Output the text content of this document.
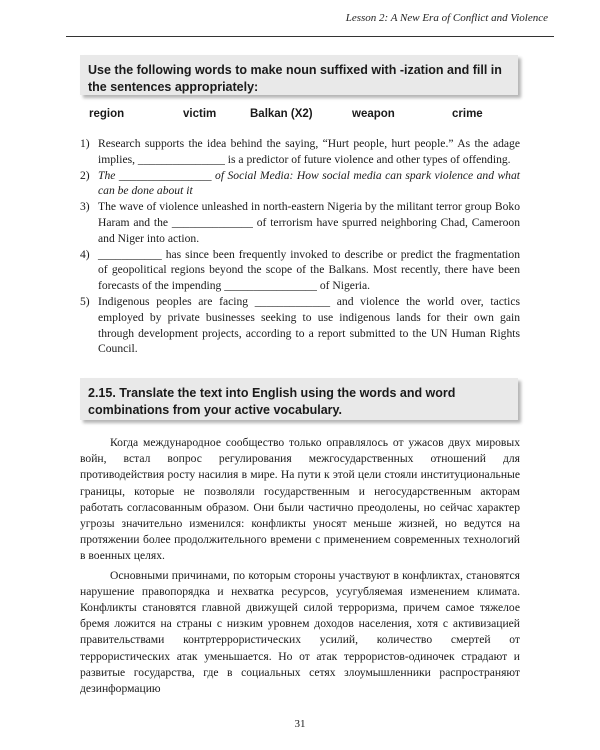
Lesson 2: A New Era of Conflict and Violence
Use the following words to make noun suffixed with -ization and fill in the sentences appropriately:
region	victim	Balkan (X2)	weapon	crime
1) Research supports the idea behind the saying, “Hurt people, hurt people.” As the adage implies, _______________ is a predictor of future violence and other types of offending.
2) The ________________ of Social Media: How social media can spark violence and what can be done about it
3) The wave of violence unleashed in north-eastern Nigeria by the militant terror group Boko Haram and the ______________ of terrorism have spurred neighboring Chad, Cameroon and Niger into action.
4) ___________ has since been frequently invoked to describe or predict the fragmentation of geopolitical regions beyond the scope of the Balkans. Most recently, there have been forecasts of the impending ________________ of Nigeria.
5) Indigenous peoples are facing _____________ and violence the world over, tactics employed by private businesses seeking to use indigenous lands for their own gain through development projects, according to a report submitted to the UN Human Rights Council.
2.15. Translate the text into English using the words and word combinations from your active vocabulary.

Когда международное сообщество только оправлялось от ужасов двух мировых войн, встал вопрос регулирования межгосударственных отношений для противодействия росту насилия в мире. На пути к этой цели стояли институциональные границы, которые не позволяли государственным и негосударственным акторам работать согласованным образом. Они были частично преодолены, но сейчас характер угрозы значительно изменился: конфликты уносят меньше жизней, но ведутся на протяжении более продолжительного времени с применением современных технологий в военных целях.

Основными причинами, по которым стороны участвуют в конфликтах, становятся нарушение правопорядка и нехватка ресурсов, усугубляемая изменением климата. Конфликты становятся главной движущей силой терроризма, причем самое тяжелое бремя ложится на страны с низким уровнем доходов населения, хотя с активизацией правительствами контртеррористических усилий, количество смертей от террористических атак уменьшается. Но от атак террористов-одиночек страдают и развитые государства, где в социальных сетях злоумышленники распространяют дезинформацию

31
